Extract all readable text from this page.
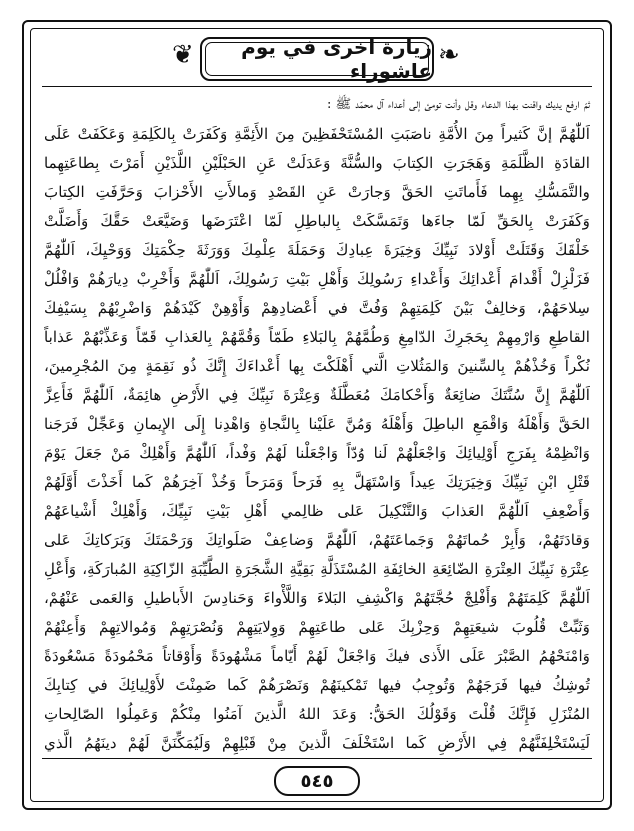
❦	❧
زيارة اخرى في يوم عاشوراء

ثمّ ارفع يديك واقنت بهذا الدعاء وقل وأنت تومئ إلى أعداء آل محمّد ﷺ :

اَللّٰهُمَّ إنَّ كَثيراً مِنَ الأُمَّةِ ناصَبَتِ المُسْتَحْفَظِينَ مِنَ الأَئِمَّةِ وَكَفَرَتْ بِالكَلِمَةِ وَعَكَفَتْ عَلَى

القادَةِ الظَّلَمَةِ وَهَجَرَتِ الكِتابَ والسُّنَّةَ وَعَدَلَتْ عَنِ الحَبْلَيْنِ اللَّذَيْنِ أَمَرْتَ بِطاعَتِهِما

والتَّمَسُّكِ بِهِما فَأَماتَتِ الحَقَّ وَجارَتْ عَنِ القَصْدِ وَمالأَتِ الأَحْزابَ وَحَرَّفَتِ الكِتابَ

وَكَفَرَتْ بِالحَقِّ لَمّا جاءَها وَتَمَسَّكَتْ بِالباطِلِ لَمّا اعْتَرَضَها وَضَيَّعَتْ حَقَّكَ وَأَضَلَّتْ

خَلْقَكَ وَقَتَلَتْ أَوْلادَ نَبِيِّكَ وَخِيَرَةَ عِبادِكَ وَحَمَلَةَ عِلْمِكَ وَوَرَثَةَ حِكْمَتِكَ وَوَحْيِكَ، اَللّٰهُمَّ

فَزَلْزِلْ أَقْدامَ أَعْدائِكَ وَأَعْداءِ رَسُولِكَ وَأَهْلِ بَيْتِ رَسُولِكَ، اَللّٰهُمَّ وَأَخْرِبْ دِيارَهُمْ وَافْلُلْ

سِلاحَهُمْ، وَخالِفْ بَيْنَ كَلِمَتِهِمْ وَفُتَّ في أَعْضادِهِمْ وَأَوْهِنْ كَيْدَهُمْ وَاضْرِبْهُمْ بِسَيْفِكَ

القاطِعِ وَارْمِهِمْ بِحَجَرِكَ الدّامِغِ وَطُمَّهُمْ بِالبَلاءِ طَمّاً وَقُمَّهُمْ بِالعَذابِ قَمّاً وَعَذِّبْهُمْ عَذاباً

نُكْراً وَخُذْهُمْ بِالسِّنينَ وَالمَثُلاتِ الَّتي أَهْلَكْتَ بِها أَعْداءَكَ إِنَّكَ ذُو نَقِمَةٍ مِنَ المُجْرِمينَ،

اَللّٰهُمَّ إِنَّ سُنَّتَكَ ضائِعَةٌ وَأَحْكامَكَ مُعَطَّلَةٌ وَعِتْرَةَ نَبِيِّكَ فِي الأَرْضِ هائِمَةٌ، اَللّٰهُمَّ فَأَعِزَّ

الحَقَّ وَأَهْلَهُ وَاقْمَعِ الباطِلَ وَأَهْلَهُ وَمُنَّ عَلَيْنا بِالنَّجاةِ وَاهْدِنا إِلَى الإِيمانِ وَعَجِّلْ فَرَجَنا

وَانْظِمْهُ بِفَرَجِ أَوْلِيائِكَ وَاجْعَلْهُمْ لَنا وُدّاً وَاجْعَلْنا لَهُمْ وَفْداً، اَللّٰهُمَّ وَأَهْلِكْ مَنْ جَعَلَ يَوْمَ

قَتْلِ ابْنِ نَبِيِّكَ وَخِيَرَتِكَ عِيداً وَاسْتَهَلَّ بِهِ فَرَحاً وَمَرَحاً وَخُذْ آخِرَهُمْ كَما أَخَذْتَ أَوَّلَهُمْ

وَأَضْعِفِ اَللّٰهُمَّ العَذابَ وَالتَّنْكِيلَ عَلى ظالِمي أَهْلِ بَيْتِ نَبِيِّكَ، وَأَهْلِكْ أَشْياعَهُمْ

وَقادَتَهُمْ، وَأَبِرْ حُماتَهُمْ وَجَماعَتَهُمْ، اَللّٰهُمَّ وَضاعِفْ صَلَواتِكَ وَرَحْمَتَكَ وَبَرَكاتِكَ عَلى

عِتْرَةِ نَبِيِّكَ العِتْرَةِ الضّائِعَةِ الخائِفَةِ المُسْتَذَلَّةِ بَقِيَّةِ الشَّجَرَةِ الطَّيِّبَةِ الزّاكِيَةِ المُبارَكَةِ، وَأَعْلِ

اَللّٰهُمَّ كَلِمَتَهُمْ وَأَفْلِجْ حُجَّتَهُمْ وَاكْشِفِ البَلاءَ وَاللَّأْواءَ وَحَنادِسَ الأَباطيلِ وَالعَمى عَنْهُمْ،

وَثَبِّتْ قُلُوبَ شيعَتِهِمْ وَحِزْبِكَ عَلى طاعَتِهِمْ وَوِلايَتِهِمْ وَنُصْرَتِهِمْ وَمُوالاتِهِمْ وَأَعِنْهُمْ

وَامْنَحْهُمُ الصَّبْرَ عَلَى الأَذى فيكَ وَاجْعَلْ لَهُمْ أَيّاماً مَشْهُودَةً وَأَوْقاتاً مَحْمُودَةً مَسْعُودَةً

تُوشِكُ فيها فَرَجَهُمْ وَتُوجِبُ فيها تَمْكينَهُمْ وَنَصْرَهُمْ كَما ضَمِنْتَ لأَوْلِيائِكَ في كِتابِكَ

المُنْزَلِ فَإِنَّكَ قُلْتَ وَقَوْلُكَ الحَقُّ: وَعَدَ اللهُ الَّذينَ آمَنُوا مِنْكُمْ وَعَمِلُوا الصّالِحاتِ

لَيَسْتَخْلِفَنَّهُمْ فِي الأَرْضِ كَما اسْتَخْلَفَ الَّذينَ مِنْ قَبْلِهِمْ وَلَيُمَكِّنَنَّ لَهُمْ دينَهُمُ الَّذي

٥٤٥
